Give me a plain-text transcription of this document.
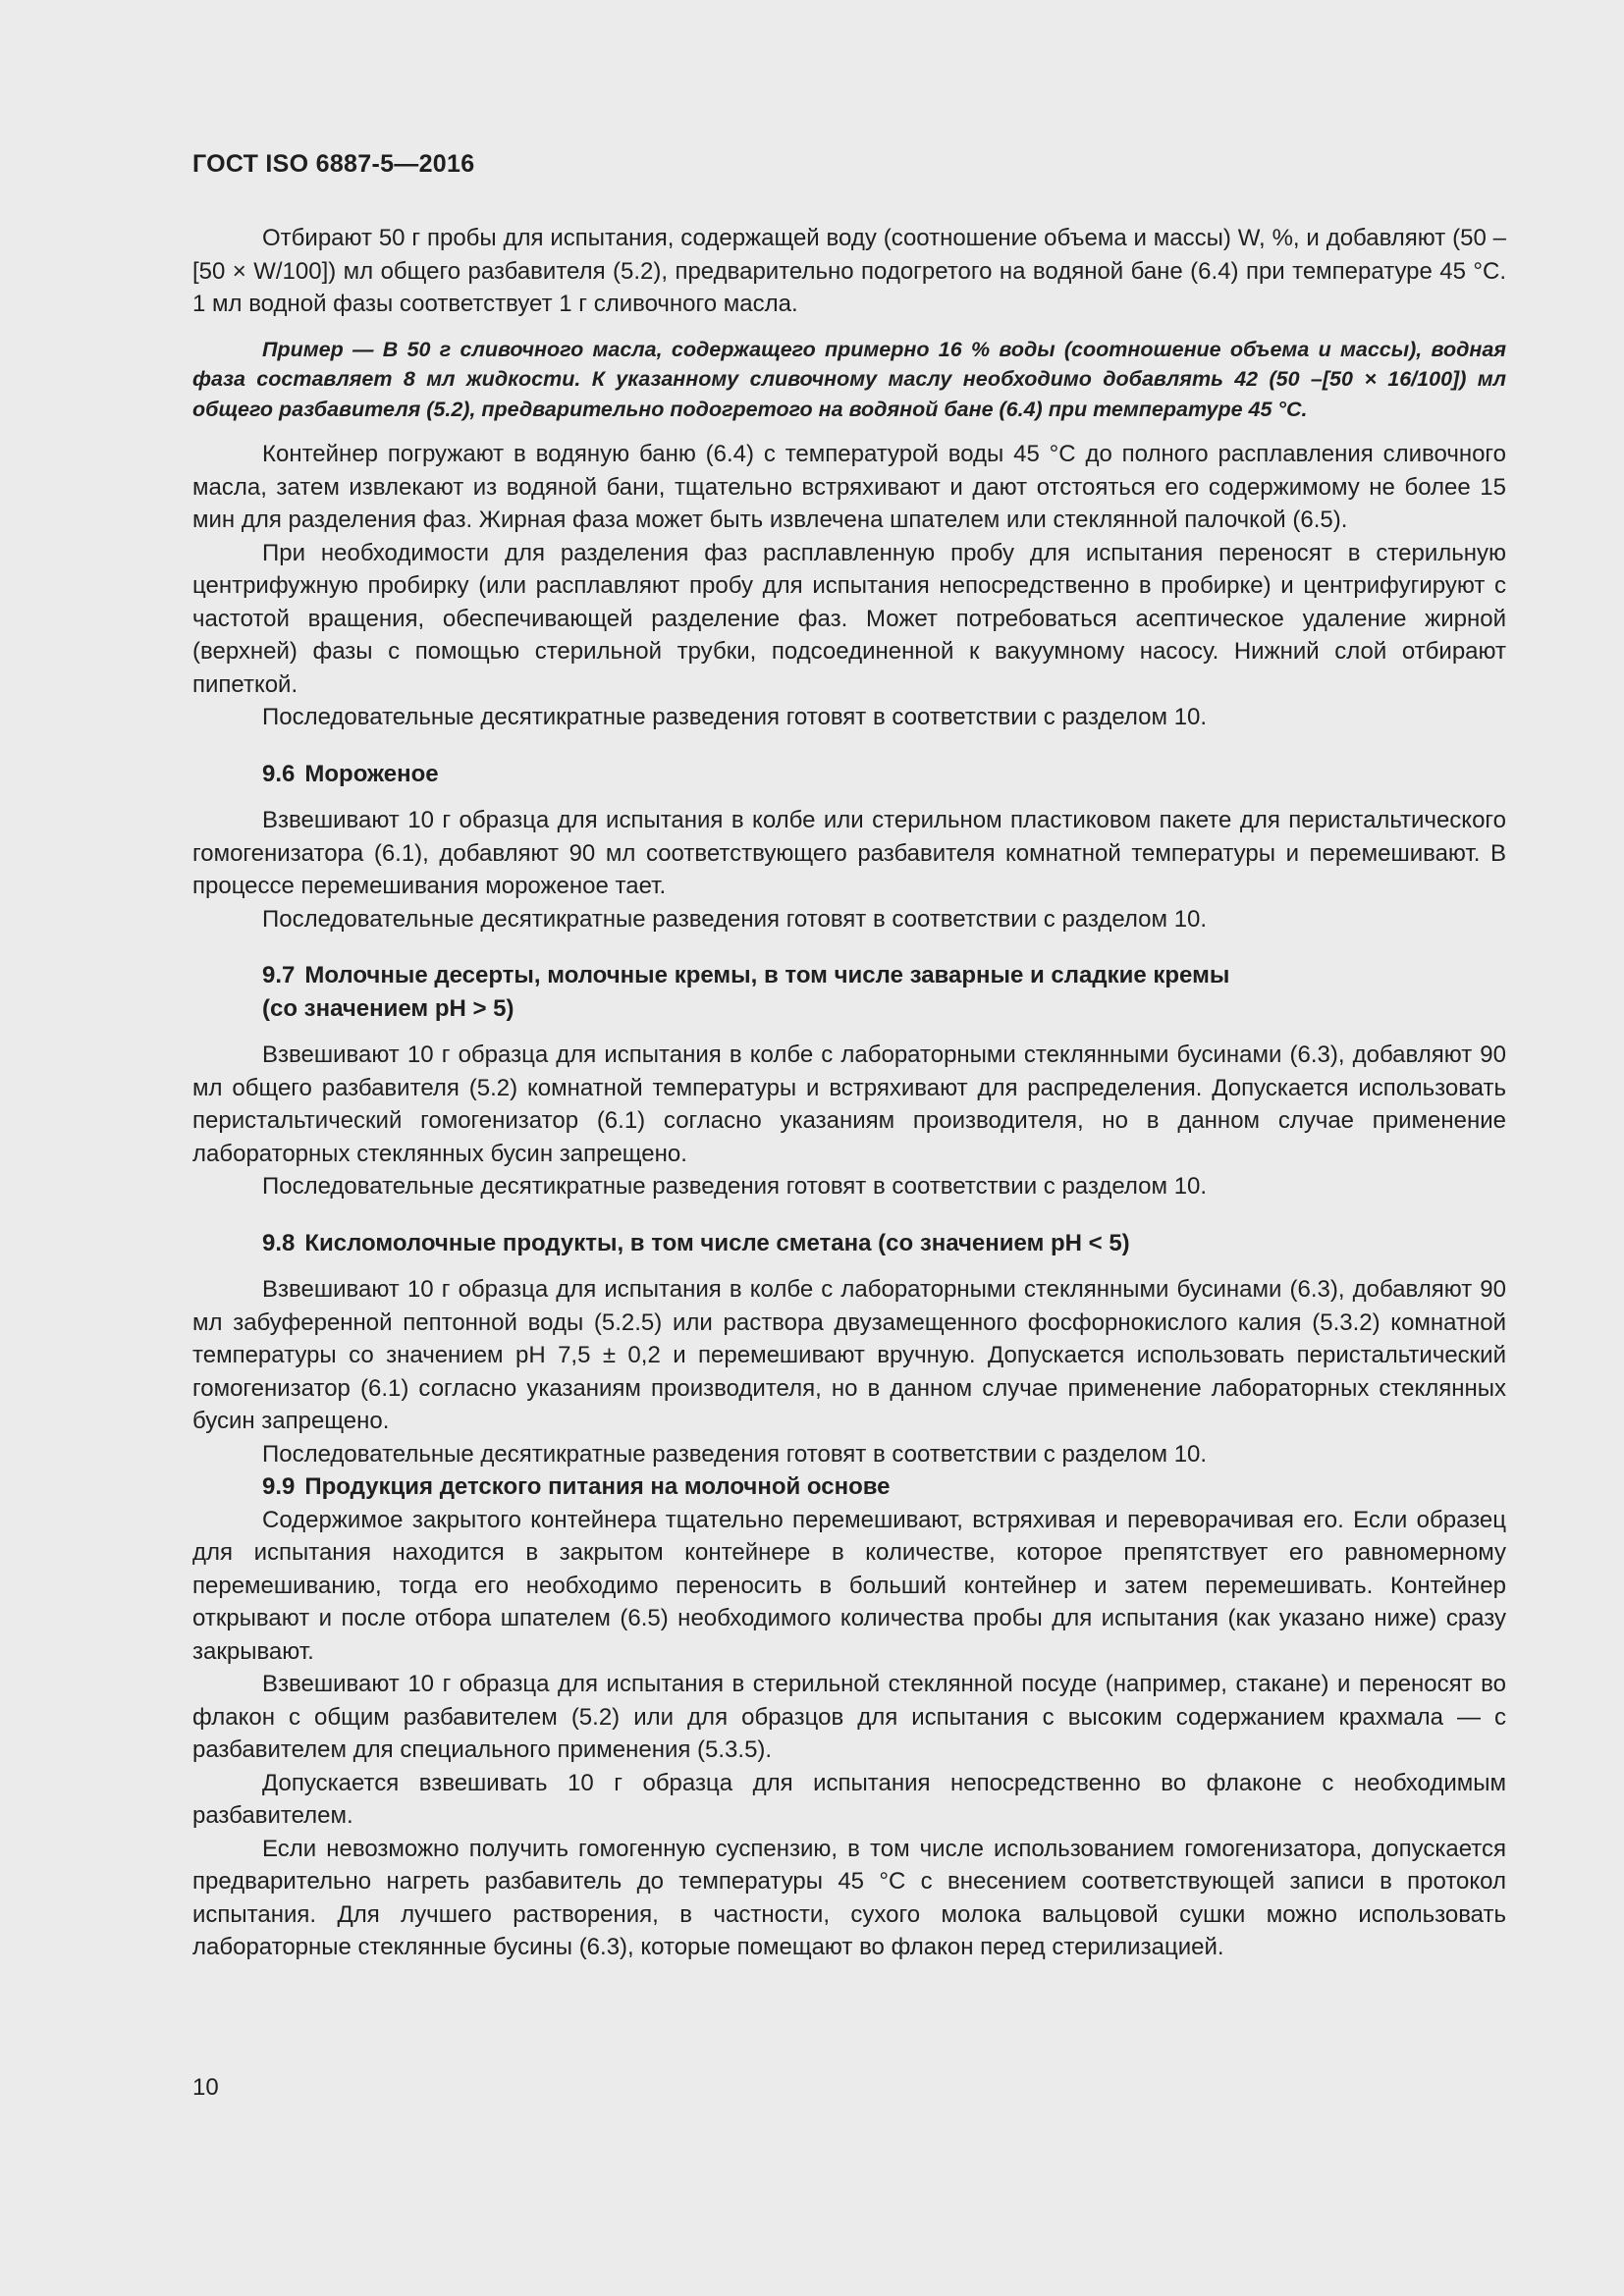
ГОСТ ISO 6887-5—2016

Отбирают 50 г пробы для испытания, содержащей воду (соотношение объема и массы) W, %, и добавляют (50 – [50 × W/100]) мл общего разбавителя (5.2), предварительно подогретого на водяной бане (6.4) при температуре 45 °C. 1 мл водной фазы соответствует 1 г сливочного масла.

Пример — В 50 г сливочного масла, содержащего примерно 16 % воды (соотношение объема и массы), водная фаза составляет 8 мл жидкости. К указанному сливочному маслу необходимо добавлять 42 (50 –[50 × 16/100]) мл общего разбавителя (5.2), предварительно подогретого на водяной бане (6.4) при температуре 45 °C.

Контейнер погружают в водяную баню (6.4) с температурой воды 45 °C до полного расплавления сливочного масла, затем извлекают из водяной бани, тщательно встряхивают и дают отстояться его содержимому не более 15 мин для разделения фаз. Жирная фаза может быть извлечена шпателем или стеклянной палочкой (6.5).

При необходимости для разделения фаз расплавленную пробу для испытания переносят в стерильную центрифужную пробирку (или расплавляют пробу для испытания непосредственно в пробирке) и центрифугируют с частотой вращения, обеспечивающей разделение фаз. Может потребоваться асептическое удаление жирной (верхней) фазы с помощью стерильной трубки, подсоединенной к вакуумному насосу. Нижний слой отбирают пипеткой.

Последовательные десятикратные разведения готовят в соответствии с разделом 10.

9.6 Мороженое

Взвешивают 10 г образца для испытания в колбе или стерильном пластиковом пакете для перистальтического гомогенизатора (6.1), добавляют 90 мл соответствующего разбавителя комнатной температуры и перемешивают. В процессе перемешивания мороженое тает.

Последовательные десятикратные разведения готовят в соответствии с разделом 10.

9.7 Молочные десерты, молочные кремы, в том числе заварные и сладкие кремы
(со значением рН > 5)

Взвешивают 10 г образца для испытания в колбе с лабораторными стеклянными бусинами (6.3), добавляют 90 мл общего разбавителя (5.2) комнатной температуры и встряхивают для распределения. Допускается использовать перистальтический гомогенизатор (6.1) согласно указаниям производителя, но в данном случае применение лабораторных стеклянных бусин запрещено.

Последовательные десятикратные разведения готовят в соответствии с разделом 10.

9.8 Кисломолочные продукты, в том числе сметана (со значением рН < 5)

Взвешивают 10 г образца для испытания в колбе с лабораторными стеклянными бусинами (6.3), добавляют 90 мл забуференной пептонной воды (5.2.5) или раствора двузамещенного фосфорнокислого калия (5.3.2) комнатной температуры со значением рН 7,5 ± 0,2 и перемешивают вручную. Допускается использовать перистальтический гомогенизатор (6.1) согласно указаниям производителя, но в данном случае применение лабораторных стеклянных бусин запрещено.

Последовательные десятикратные разведения готовят в соответствии с разделом 10.

9.9 Продукция детского питания на молочной основе

Содержимое закрытого контейнера тщательно перемешивают, встряхивая и переворачивая его. Если образец для испытания находится в закрытом контейнере в количестве, которое препятствует его равномерному перемешиванию, тогда его необходимо переносить в больший контейнер и затем перемешивать. Контейнер открывают и после отбора шпателем (6.5) необходимого количества пробы для испытания (как указано ниже) сразу закрывают.

Взвешивают 10 г образца для испытания в стерильной стеклянной посуде (например, стакане) и переносят во флакон с общим разбавителем (5.2) или для образцов для испытания с высоким содержанием крахмала — с разбавителем для специального применения (5.3.5).

Допускается взвешивать 10 г образца для испытания непосредственно во флаконе с необходимым разбавителем.

Если невозможно получить гомогенную суспензию, в том числе использованием гомогенизатора, допускается предварительно нагреть разбавитель до температуры 45 °C с внесением соответствующей записи в протокол испытания. Для лучшего растворения, в частности, сухого молока вальцовой сушки можно использовать лабораторные стеклянные бусины (6.3), которые помещают во флакон перед стерилизацией.

10
